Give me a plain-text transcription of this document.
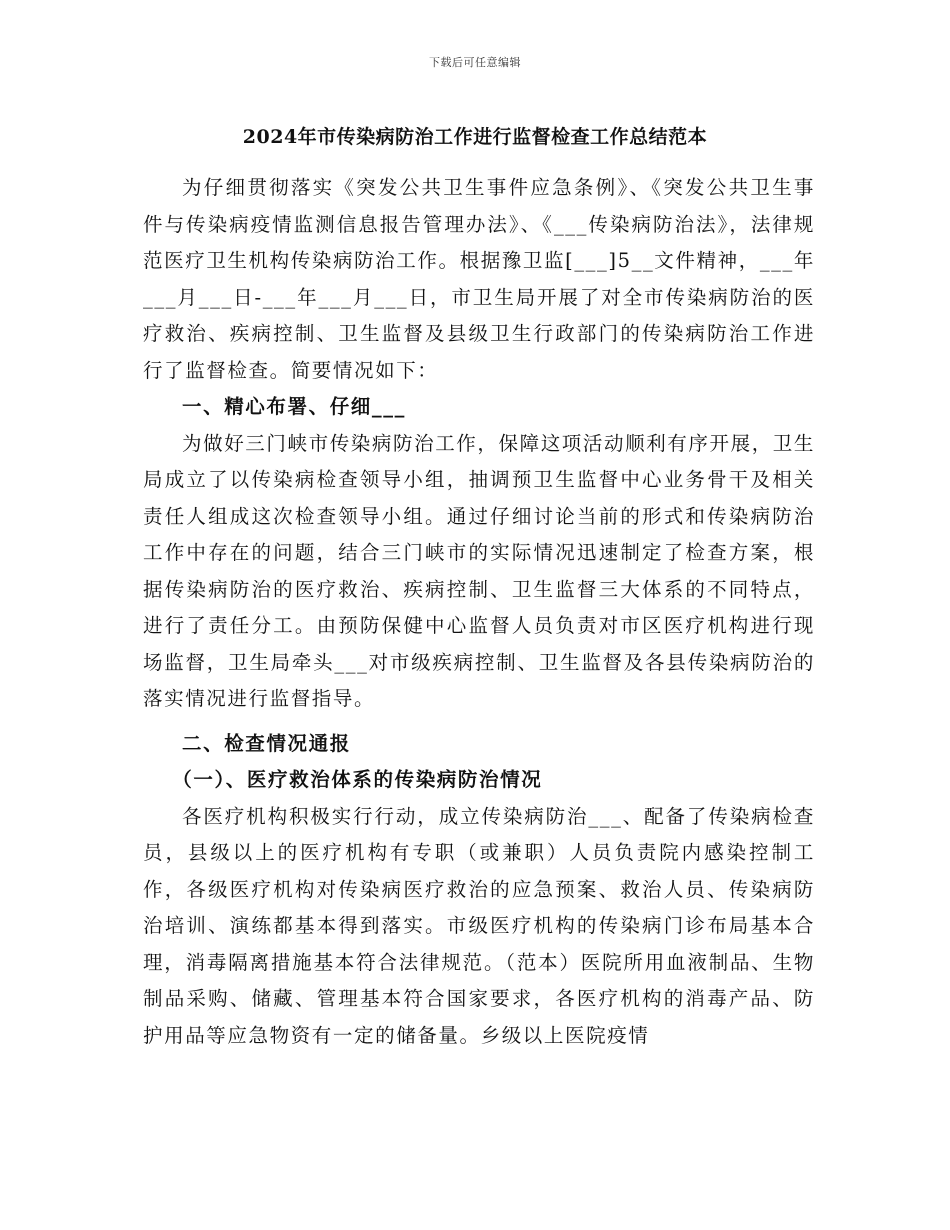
下载后可任意编辑
2024年市传染病防治工作进行监督检查工作总结范本

为仔细贯彻落实《突发公共卫生事件应急条例》、《突发公共卫生事件与传染病疫情监测信息报告管理办法》、《___传染病防治法》，法律规范医疗卫生机构传染病防治工作。根据豫卫监[___]5__文件精神，___年___月___日-___年___月___日，市卫生局开展了对全市传染病防治的医疗救治、疾病控制、卫生监督及县级卫生行政部门的传染病防治工作进行了监督检查。简要情况如下：

一、精心布署、仔细___

为做好三门峡市传染病防治工作，保障这项活动顺利有序开展，卫生局成立了以传染病检查领导小组，抽调预卫生监督中心业务骨干及相关责任人组成这次检查领导小组。通过仔细讨论当前的形式和传染病防治工作中存在的问题，结合三门峡市的实际情况迅速制定了检查方案，根据传染病防治的医疗救治、疾病控制、卫生监督三大体系的不同特点，进行了责任分工。由预防保健中心监督人员负责对市区医疗机构进行现场监督，卫生局牵头___对市级疾病控制、卫生监督及各县传染病防治的落实情况进行监督指导。

二、检查情况通报
（一）、医疗救治体系的传染病防治情况

各医疗机构积极实行行动，成立传染病防治___、配备了传染病检查员，县级以上的医疗机构有专职（或兼职）人员负责院内感染控制工作，各级医疗机构对传染病医疗救治的应急预案、救治人员、传染病防治培训、演练都基本得到落实。市级医疗机构的传染病门诊布局基本合理，消毒隔离措施基本符合法律规范。（范本）医院所用血液制品、生物制品采购、储藏、管理基本符合国家要求，各医疗机构的消毒产品、防护用品等应急物资有一定的储备量。乡级以上医院疫情
